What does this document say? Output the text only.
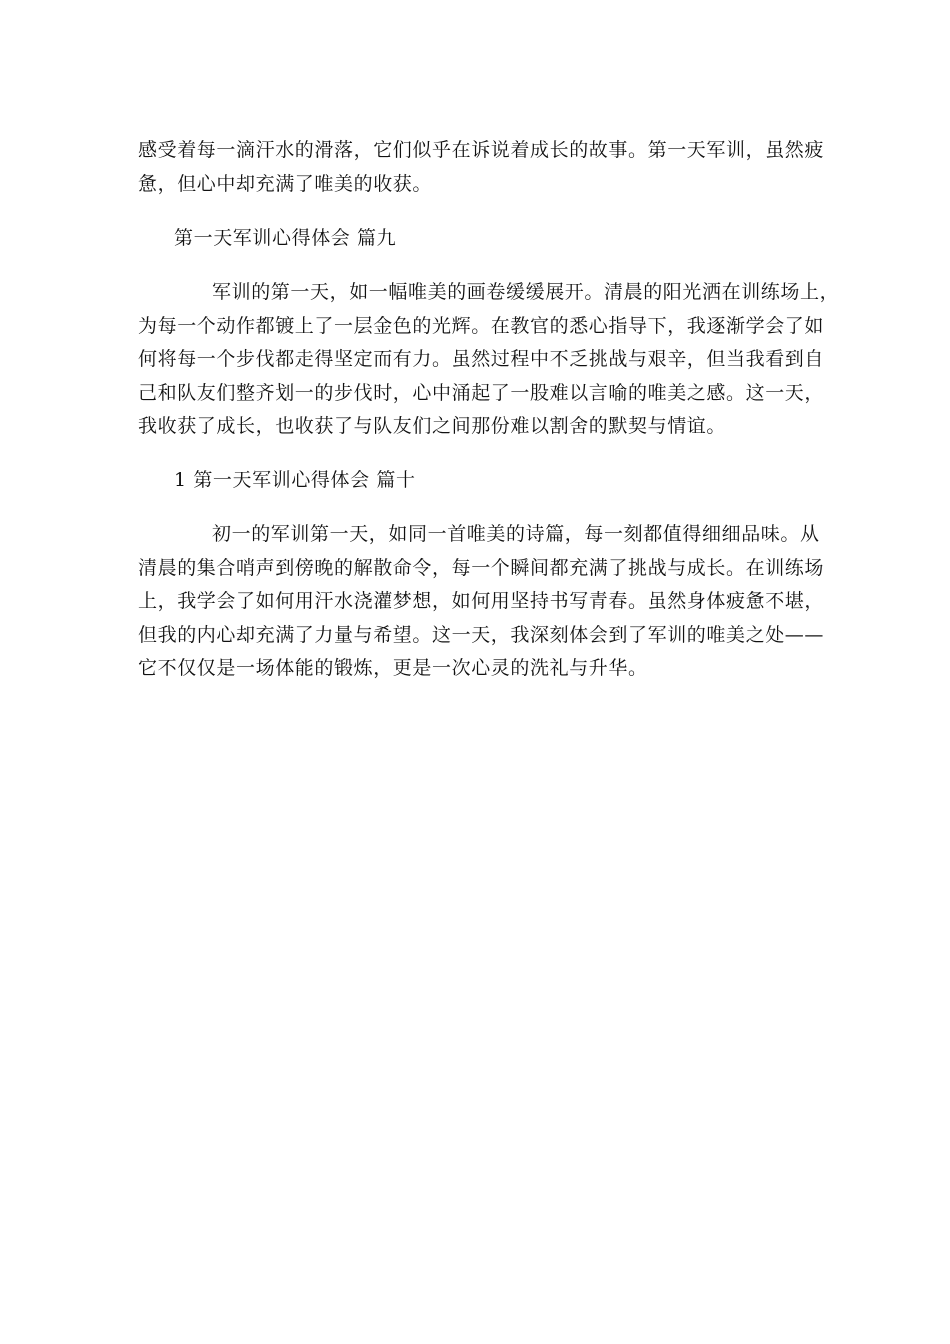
感受着每一滴汗水的滑落，它们似乎在诉说着成长的故事。第一天军训，虽然疲
惫，但心中却充满了唯美的收获。
第一天军训心得体会 篇九
军训的第一天，如一幅唯美的画卷缓缓展开。清晨的阳光洒在训练场上，
为每一个动作都镀上了一层金色的光辉。在教官的悉心指导下，我逐渐学会了如
何将每一个步伐都走得坚定而有力。虽然过程中不乏挑战与艰辛，但当我看到自
己和队友们整齐划一的步伐时，心中涌起了一股难以言喻的唯美之感。这一天，
我收获了成长，也收获了与队友们之间那份难以割舍的默契与情谊。
1 第一天军训心得体会 篇十
初一的军训第一天，如同一首唯美的诗篇，每一刻都值得细细品味。从
清晨的集合哨声到傍晚的解散命令，每一个瞬间都充满了挑战与成长。在训练场
上，我学会了如何用汗水浇灌梦想，如何用坚持书写青春。虽然身体疲惫不堪，
但我的内心却充满了力量与希望。这一天，我深刻体会到了军训的唯美之处——
它不仅仅是一场体能的锻炼，更是一次心灵的洗礼与升华。
